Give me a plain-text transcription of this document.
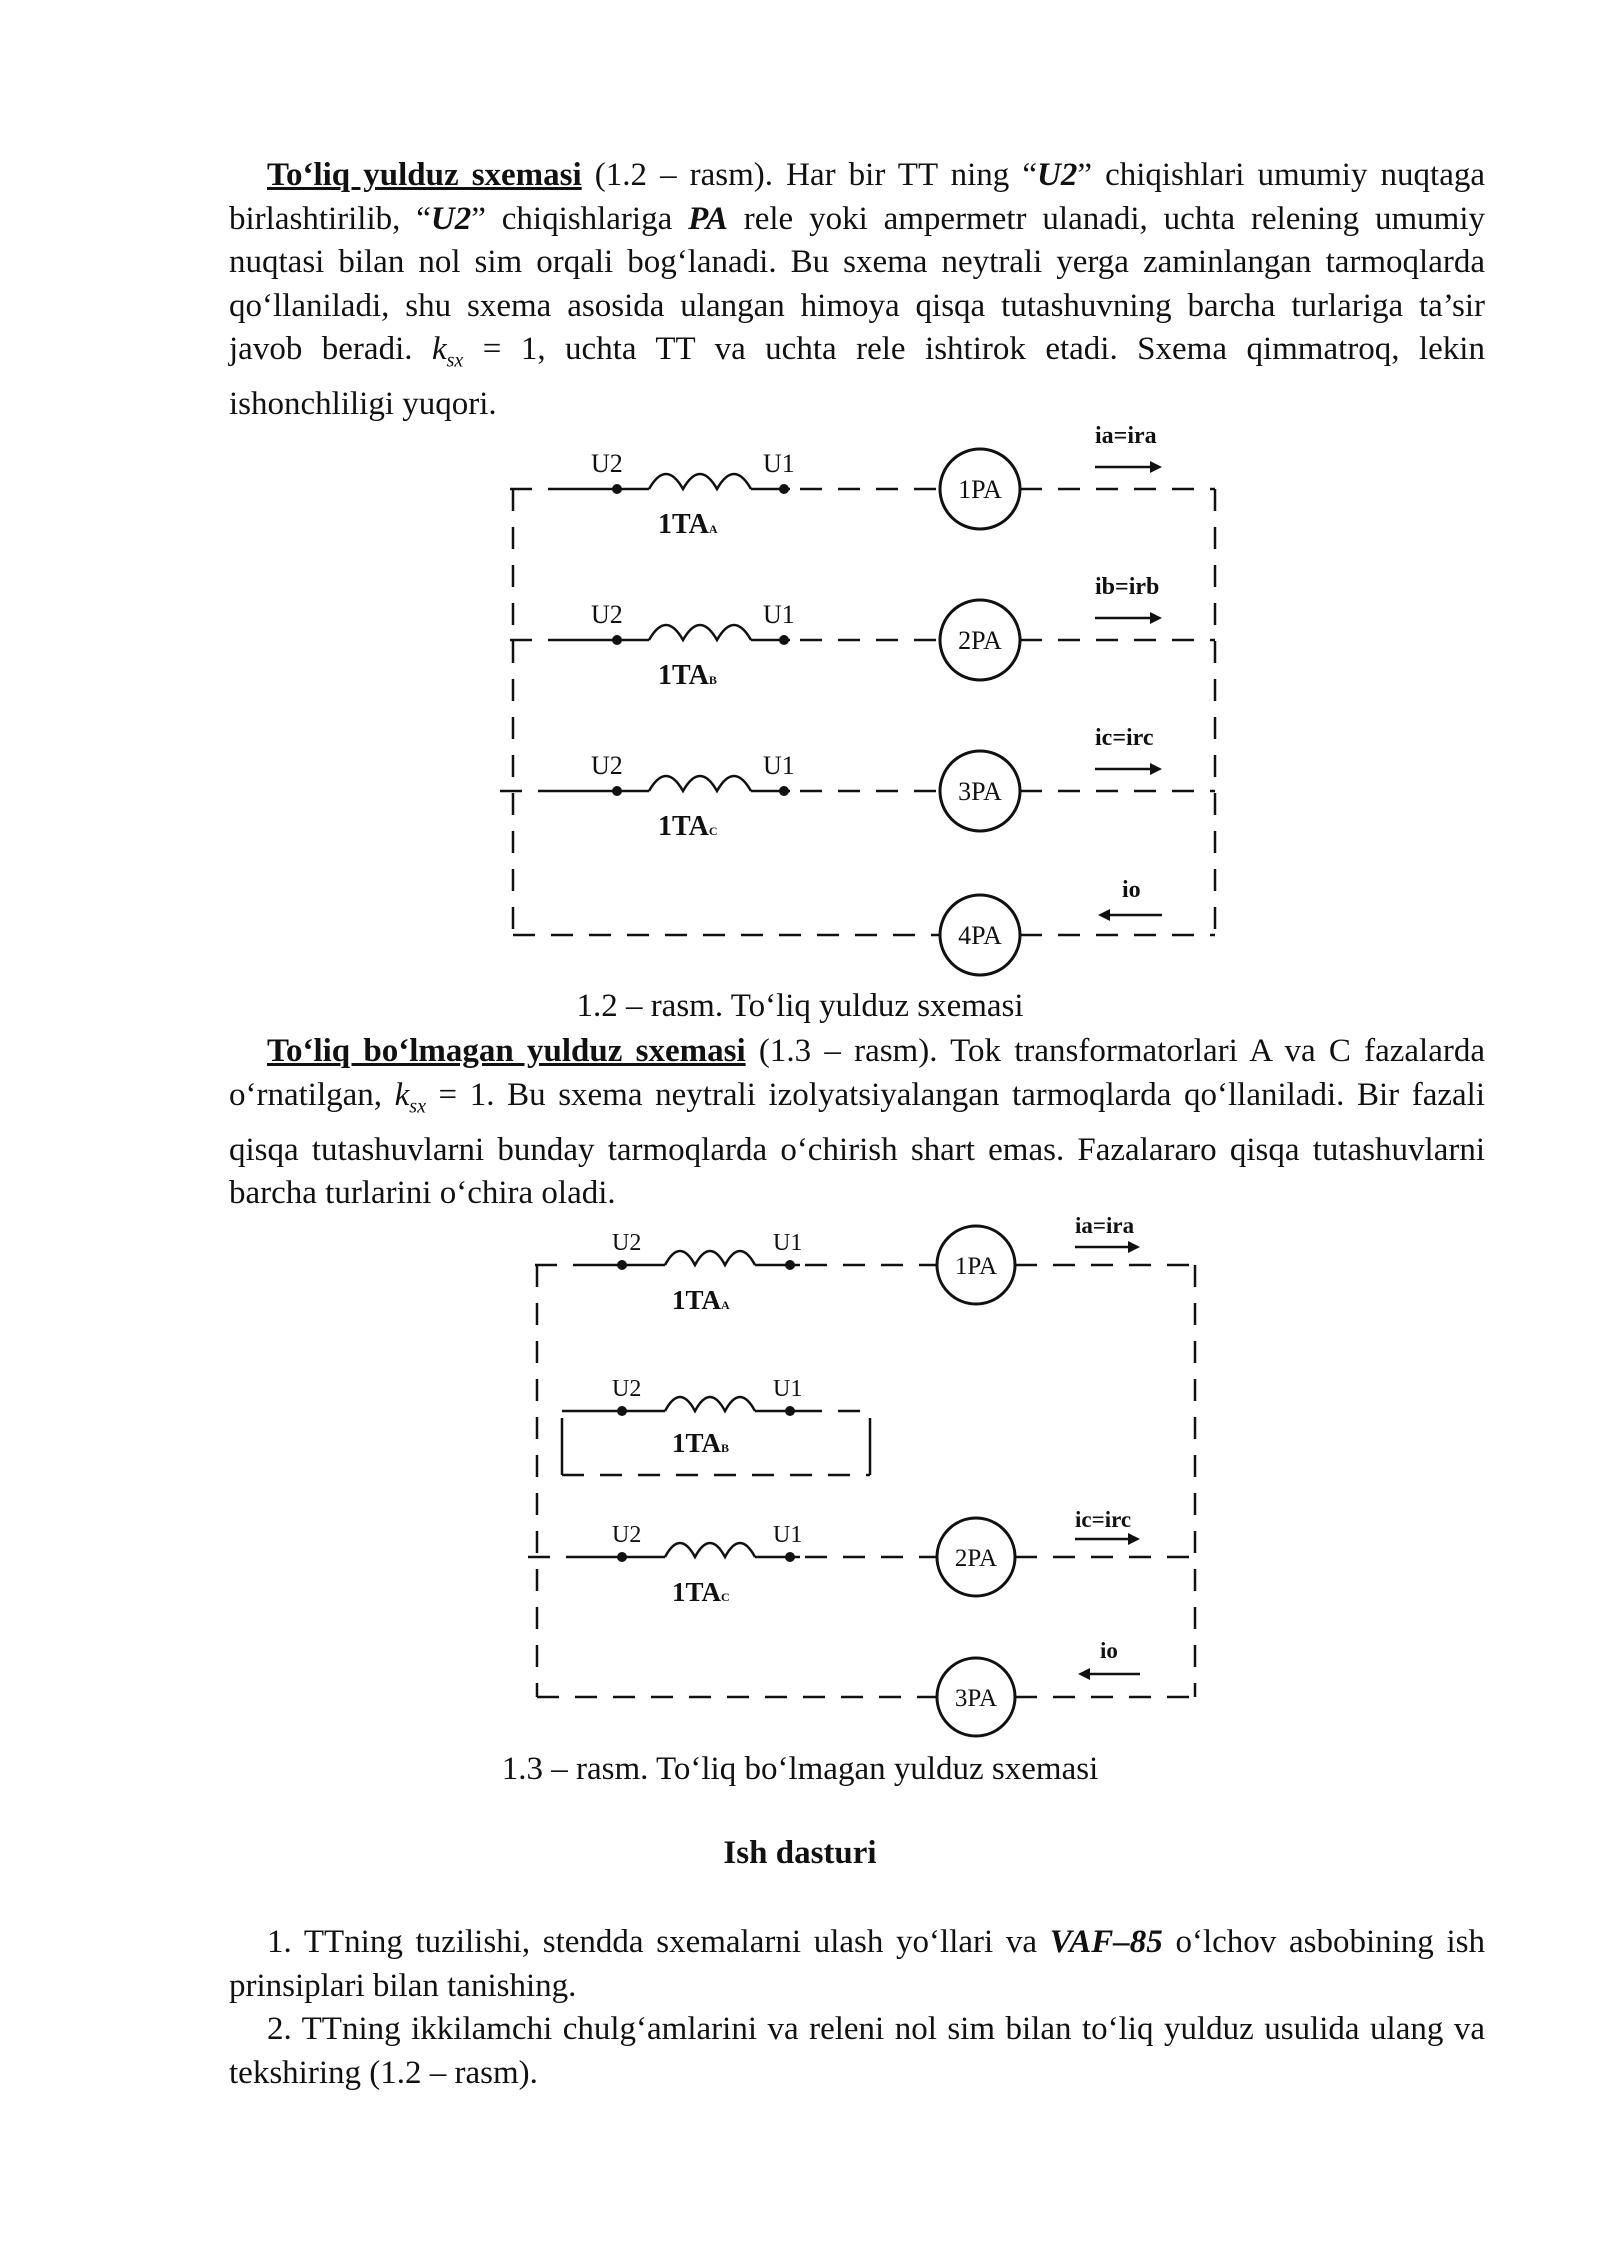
To‘liq yulduz sxemasi (1.2 – rasm). Har bir TT ning “U2” chiqishlari umumiy nuqtaga birlashtirilib, “U2” chiqishlariga PA rele yoki ampermetr ulanadi, uchta relening umumiy nuqtasi bilan nol sim orqali bog‘lanadi. Bu sxema neytrali yerga zaminlangan tarmoqlarda qo‘llaniladi, shu sxema asosida ulangan himoya qisqa tutashuvning barcha turlariga ta’sir javob beradi. $k_{sx} = 1$, uchta TT va uchta rele ishtirok etadi. Sxema qimmatroq, lekin ishonchliligi yuqori.

U2	U1
1TAA
1PA
ia=ira
U2	U1
1TAB
2PA
ib=irb
U2	U1
1TAC
3PA
ic=irc
4PA
io
1.2 – rasm. To‘liq yulduz sxemasi

To‘liq bo‘lmagan yulduz sxemasi (1.3 – rasm). Tok transformatorlari A va C fazalarda o‘rnatilgan, $k_{sx} = 1$. Bu sxema neytrali izolyatsiyalangan tarmoqlarda qo‘llaniladi. Bir fazali qisqa tutashuvlarni bunday tarmoqlarda o‘chirish shart emas. Fazalararo qisqa tutashuvlarni barcha turlarini o‘chira oladi.

U2	U1
1TAA
1PA
ia=ira
U2	U1
1TAB
U2	U1
1TAC
2PA
ic=irc
3PA
io
1.3 – rasm. To‘liq bo‘lmagan yulduz sxemasi
Ish dasturi

1. TTning tuzilishi, stendda sxemalarni ulash yo‘llari va VAF–85 o‘lchov asbobining ish prinsiplari bilan tanishing.

2. TTning ikkilamchi chulg‘amlarini va releni nol sim bilan to‘liq yulduz usulida ulang va tekshiring (1.2 – rasm).
